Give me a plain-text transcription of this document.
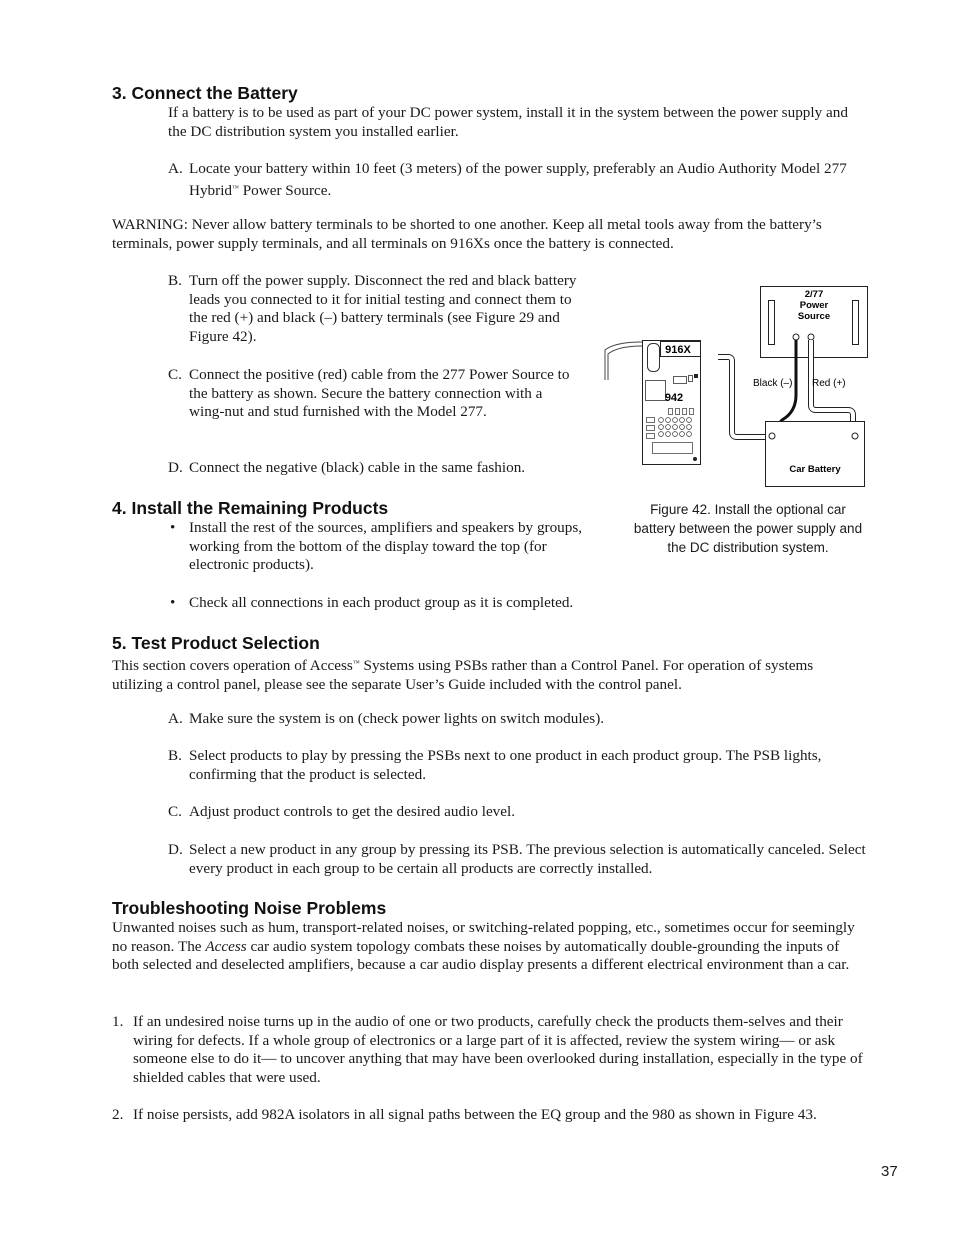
3. Connect the Battery
If a battery is to be used as part of your DC power system, install it in the system between the power supply and the DC distribution system you installed earlier.
A. Locate your battery within 10 feet (3 meters) of the power supply, preferably an Audio Authority Model 277 Hybrid™ Power Source.
WARNING: Never allow battery terminals to be shorted to one another. Keep all metal tools away from the battery’s terminals, power supply terminals, and all terminals on 916Xs once the battery is connected.
B. Turn off the power supply. Disconnect the red and black battery leads you connected to it for initial testing and connect them to the red (+) and black (–) battery terminals (see Figure 29 and Figure 42).
C. Connect the positive (red) cable from the 277 Power Source to the battery as shown. Secure the battery connection with a wing-nut and stud furnished with the Model 277.
D. Connect the negative (black) cable in the same fashion.
2/77
Power
Source
Car Battery
Black (–) Red (+)
916X
942
Figure 42. Install the optional car battery between the power supply and the DC distribution system.
4. Install the Remaining Products
• Install the rest of the sources, amplifiers and speakers by groups, working from the bottom of the display toward the top (for electronic products).
• Check all connections in each product group as it is completed.
5. Test Product Selection
This section covers operation of Access™ Systems using PSBs rather than a Control Panel. For operation of systems utilizing a control panel, please see the separate User’s Guide included with the control panel.
A. Make sure the system is on (check power lights on switch modules).
B. Select products to play by pressing the PSBs next to one product in each product group. The PSB lights, confirming that the product is selected.
C. Adjust product controls to get the desired audio level.
D. Select a new product in any group by pressing its PSB. The previous selection is automatically canceled. Select every product in each group to be certain all products are correctly installed.
Troubleshooting Noise Problems
Unwanted noises such as hum, transport-related noises, or switching-related popping, etc., sometimes occur for seemingly no reason. The Access car audio system topology combats these noises by automatically double-grounding the inputs of both selected and deselected amplifiers, because a car audio display presents a different electrical environment than a car.
1. If an undesired noise turns up in the audio of one or two products, carefully check the products them-selves and their wiring for defects. If a whole group of electronics or a large part of it is affected, review the system wiring— or ask someone else to do it— to uncover anything that may have been overlooked during installation, especially in the type of shielded cables that were used.
2. If noise persists, add 982A isolators in all signal paths between the EQ group and the 980 as shown in Figure 43.
37
